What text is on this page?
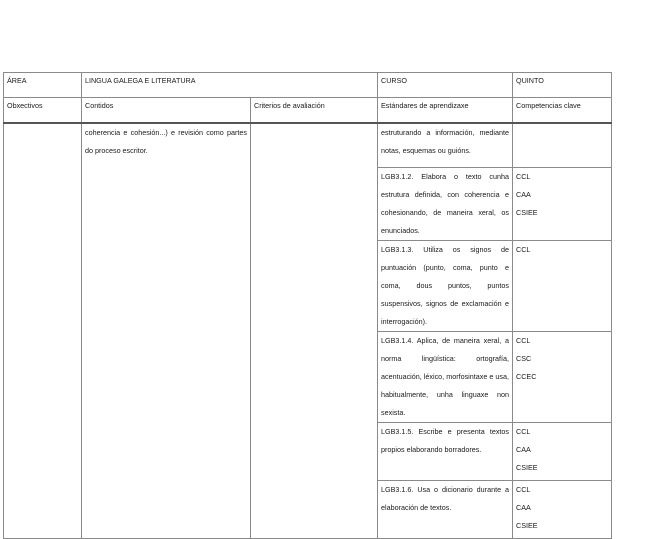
ÁREA	LINGUA GALEGA E LITERATURA		CURSO	QUINTO
Obxectivos	Contidos	Criterios de avaliación	Estándares de aprendizaxe	Competencias clave

	coherencia e cohesión...) e revisión como partes do proceso escritor.		estruturando a información, mediante notas, esquemas ou guións.	
			LGB3.1.2. Elabora o texto cunha estrutura definida, con coherencia e cohesionando, de maneira xeral, os enunciados.	CCL
CAA
CSIEE

			LGB3.1.3. Utiliza os signos de puntuación (punto, coma, punto e coma, dous puntos, puntos suspensivos, signos de exclamación e interrogación).	CCL

			LGB3.1.4. Aplica, de maneira xeral, a norma lingüística: ortografía, acentuación, léxico, morfosintaxe e usa, habitualmente, unha linguaxe non sexista.	CCL
CSC
CCEC

			LGB3.1.5. Escribe e presenta textos propios elaborando borradores.	CCL
CAA
CSIEE

			LGB3.1.6. Usa o dicionario durante a elaboración de textos.	CCL
CAA
CSIEE
